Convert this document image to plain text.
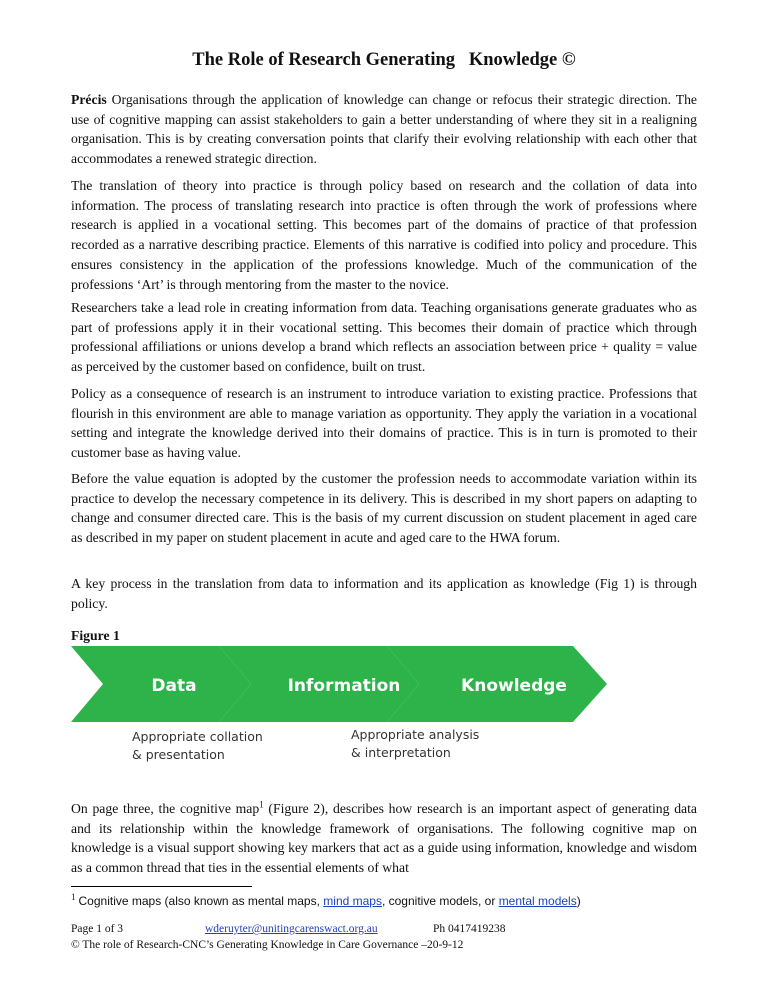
The Role of Research Generating   Knowledge ©

Précis Organisations through the application of knowledge can change or refocus their strategic direction. The use of cognitive mapping can assist stakeholders to gain a better understanding of where they sit in a realigning organisation. This is by creating conversation points that clarify their evolving relationship with each other that accommodates a renewed strategic direction.

The translation of theory into practice is through policy based on research and the collation of data into information. The process of translating research into practice is often through the work of professions where research is applied in a vocational setting. This becomes part of the domains of practice of that profession recorded as a narrative describing practice. Elements of this narrative is codified into policy and procedure. This ensures consistency in the application of the professions knowledge. Much of the communication of the professions ‘Art’ is through mentoring from the master to the novice.

Researchers take a lead role in creating information from data. Teaching organisations generate graduates who as part of professions apply it in their vocational setting. This becomes their domain of practice which through professional affiliations or unions develop a brand which reflects an association between price + quality = value as perceived by the customer based on confidence, built on trust.

Policy as a consequence of research is an instrument to introduce variation to existing practice. Professions that flourish in this environment are able to manage variation as opportunity. They apply the variation in a vocational setting and integrate the knowledge derived into their domains of practice. This is in turn is promoted to their customer base as having value.

Before the value equation is adopted by the customer the profession needs to accommodate variation within its practice to develop the necessary competence in its delivery. This is described in my short papers on adapting to change and consumer directed care. This is the basis of my current discussion on student placement in aged care as described in my paper on student placement in acute and aged care to the HWA forum.

A key process in the translation from data to information and its application as knowledge (Fig 1) is through policy.

Figure 1
Data	Information	Knowledge
Appropriate collation
& presentation
Appropriate analysis
& interpretation

On page three, the cognitive map$^1$ (Figure 2), describes how research is an important aspect of generating data and its relationship within the knowledge framework of organisations. The following cognitive map on knowledge is a visual support showing key markers that act as a guide using information, knowledge and wisdom as a common thread that ties in the essential elements of what

$^1$ Cognitive maps (also known as mental maps, mind maps, cognitive models, or mental models)
Page 1 of 3	wderuyter@unitingcarenswact.org.au	Ph 0417419238
© The role of Research-CNC’s Generating Knowledge in Care Governance –20-9-12
